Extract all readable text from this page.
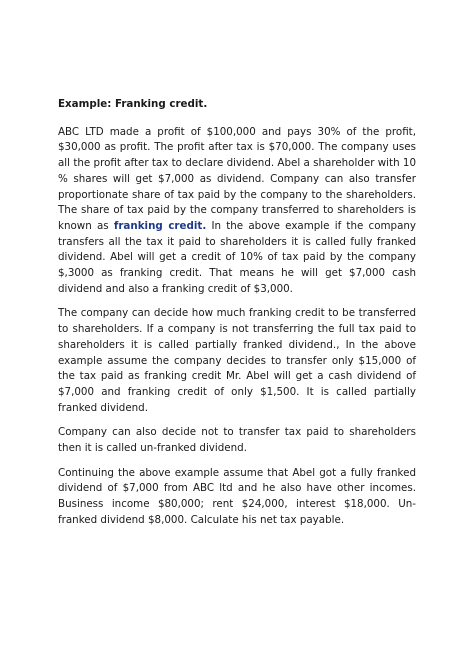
Example: Franking credit.
ABC LTD made a profit of $100,000 and pays 30% of the profit, $30,000 as profit. The profit after tax is $70,000. The company uses all the profit after tax to declare dividend. Abel a shareholder with 10 % shares will get $7,000 as dividend. Company can also transfer proportionate share of tax paid by the company to the shareholders. The share of tax paid by the company transferred to shareholders is known as franking credit. In the above example if the company transfers all the tax it paid to shareholders it is called fully franked dividend. Abel will get a credit of 10% of tax paid by the company $,3000 as franking credit. That means he will get $7,000 cash dividend and also a franking credit of $3,000.
The company can decide how much franking credit to be transferred to shareholders. If a company is not transferring the full tax paid to shareholders it is called partially franked dividend., In the above example assume the company decides to transfer only $15,000 of the tax paid as franking credit Mr. Abel will get a cash dividend of $7,000 and franking credit of only $1,500. It is called partially franked dividend.
Company can also decide not to transfer tax paid to shareholders then it is called un-franked dividend.
Continuing the above example assume that Abel got a fully franked dividend of $7,000 from ABC ltd and he also have other incomes. Business income $80,000; rent $24,000, interest $18,000. Un-franked dividend $8,000. Calculate his net tax payable.
